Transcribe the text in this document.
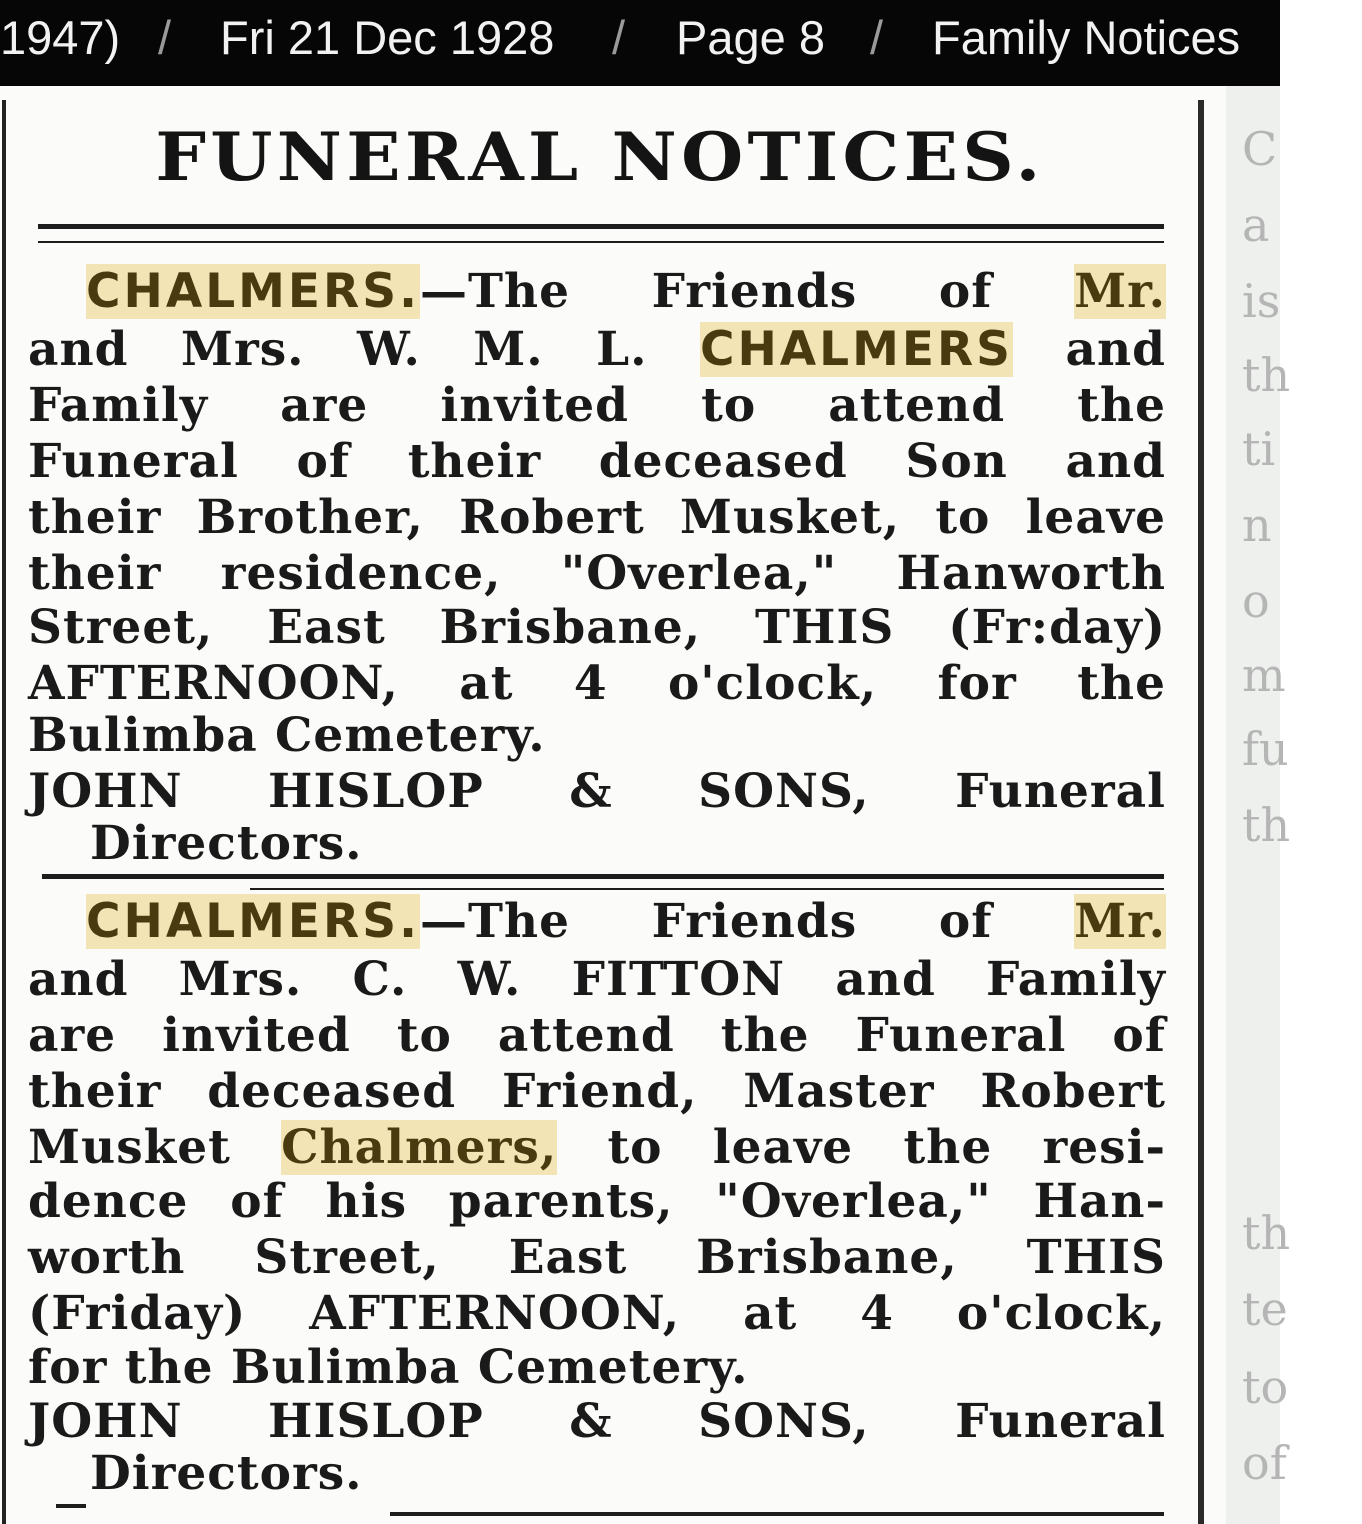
1947) / Fri 21 Dec 1928 / Page 8 / Family Notices
C
a
is
th
ti
n
o
m
fu
th
th
te
to
of
FUNERAL NOTICES.
CHALMERS.—The Friends of Mr.
and Mrs. W. M. L. CHALMERS and
Family are invited to attend the
Funeral of their deceased Son and
their Brother, Robert Musket, to leave
their residence, "Overlea," Hanworth
Street, East Brisbane, THIS (Fr:day)
AFTERNOON, at 4 o'clock, for the
Bulimba Cemetery.
JOHN HISLOP & SONS, Funeral
Directors.
CHALMERS.—The Friends of Mr.
and Mrs. C. W. FITTON and Family
are invited to attend the Funeral of
their deceased Friend, Master Robert
Musket Chalmers, to leave the resi-
dence of his parents, "Overlea," Han-
worth Street, East Brisbane, THIS
(Friday) AFTERNOON, at 4 o'clock,
for the Bulimba Cemetery.
JOHN HISLOP & SONS, Funeral
Directors.
